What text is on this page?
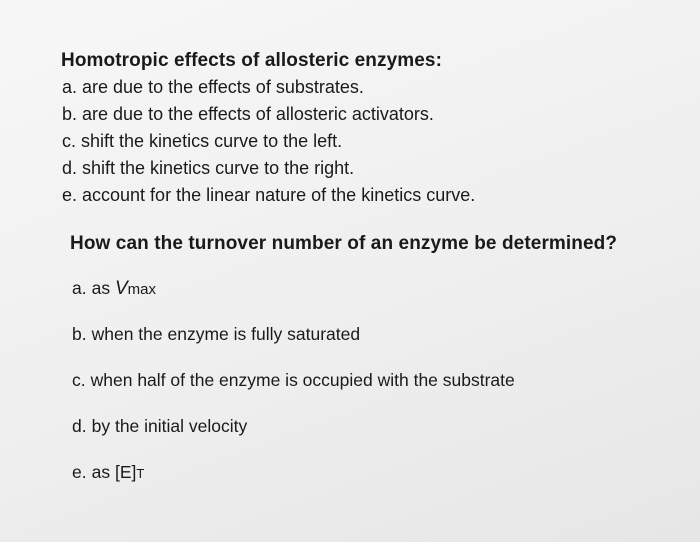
Homotropic effects of allosteric enzymes:
a. are due to the effects of substrates.
b. are due to the effects of allosteric activators.
c. shift the kinetics curve to the left.
d. shift the kinetics curve to the right.
e. account for the linear nature of the kinetics curve.
How can the turnover number of an enzyme be determined?
a. as Vmax
b. when the enzyme is fully saturated
c. when half of the enzyme is occupied with the substrate
d. by the initial velocity
e. as [E]T
